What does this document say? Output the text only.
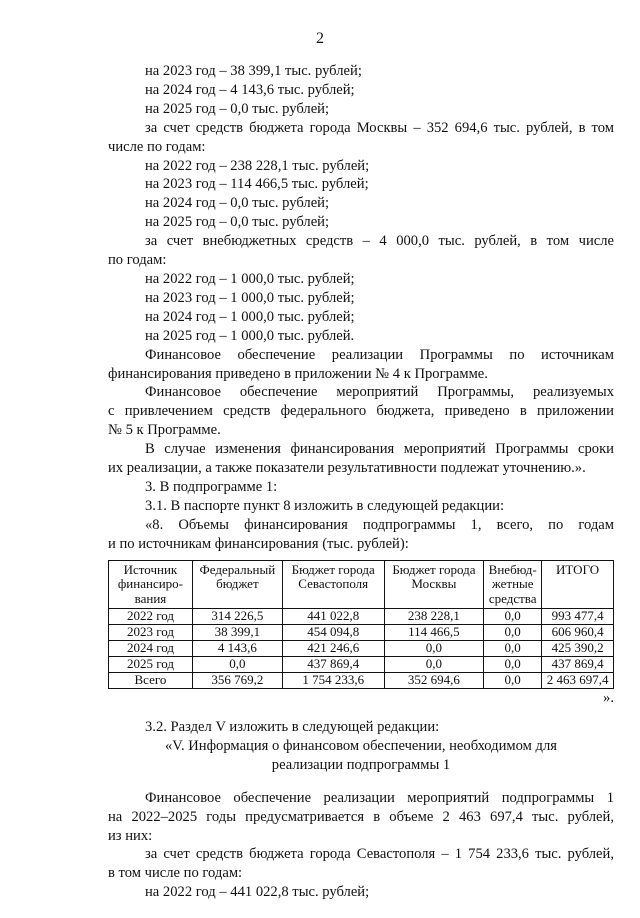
2
на 2023 год – 38 399,1 тыс. рублей;
на 2024 год – 4 143,6 тыс. рублей;
на 2025 год – 0,0 тыс. рублей;
за счет средств бюджета города Москвы – 352 694,6 тыс. рублей, в том
числе по годам:
на 2022 год – 238 228,1 тыс. рублей;
на 2023 год – 114 466,5 тыс. рублей;
на 2024 год – 0,0 тыс. рублей;
на 2025 год – 0,0 тыс. рублей;
за счет внебюджетных средств – 4 000,0 тыс. рублей, в том числе
по годам:
на 2022 год – 1 000,0 тыс. рублей;
на 2023 год – 1 000,0 тыс. рублей;
на 2024 год – 1 000,0 тыс. рублей;
на 2025 год – 1 000,0 тыс. рублей.
Финансовое обеспечение реализации Программы по источникам
финансирования приведено в приложении № 4 к Программе.
Финансовое обеспечение мероприятий Программы, реализуемых
с привлечением средств федерального бюджета, приведено в приложении
№ 5 к Программе.
В случае изменения финансирования мероприятий Программы сроки
их реализации, а также показатели результативности подлежат уточнению.».
3. В подпрограмме 1:
3.1. В паспорте пункт 8 изложить в следующей редакции:
«8. Объемы финансирования подпрограммы 1, всего, по годам
и по источникам финансирования (тыс. рублей):
Источник финансиро-вания	Федеральный бюджет	Бюджет города Севастополя	Бюджет города Москвы	Внебюд-жетные средства	ИТОГО
2022 год	314 226,5	441 022,8	238 228,1	0,0	993 477,4
2023 год	38 399,1	454 094,8	114 466,5	0,0	606 960,4
2024 год	4 143,6	421 246,6	0,0	0,0	425 390,2
2025 год	0,0	437 869,4	0,0	0,0	437 869,4
Всего	356 769,2	1 754 233,6	352 694,6	0,0	2 463 697,4
».
3.2. Раздел V изложить в следующей редакции:
«V. Информация о финансовом обеспечении, необходимом для
реализации подпрограммы 1
Финансовое обеспечение реализации мероприятий подпрограммы 1
на 2022–2025 годы предусматривается в объеме 2 463 697,4 тыс. рублей,
из них:
за счет средств бюджета города Севастополя – 1 754 233,6 тыс. рублей,
в том числе по годам:
на 2022 год – 441 022,8 тыс. рублей;
